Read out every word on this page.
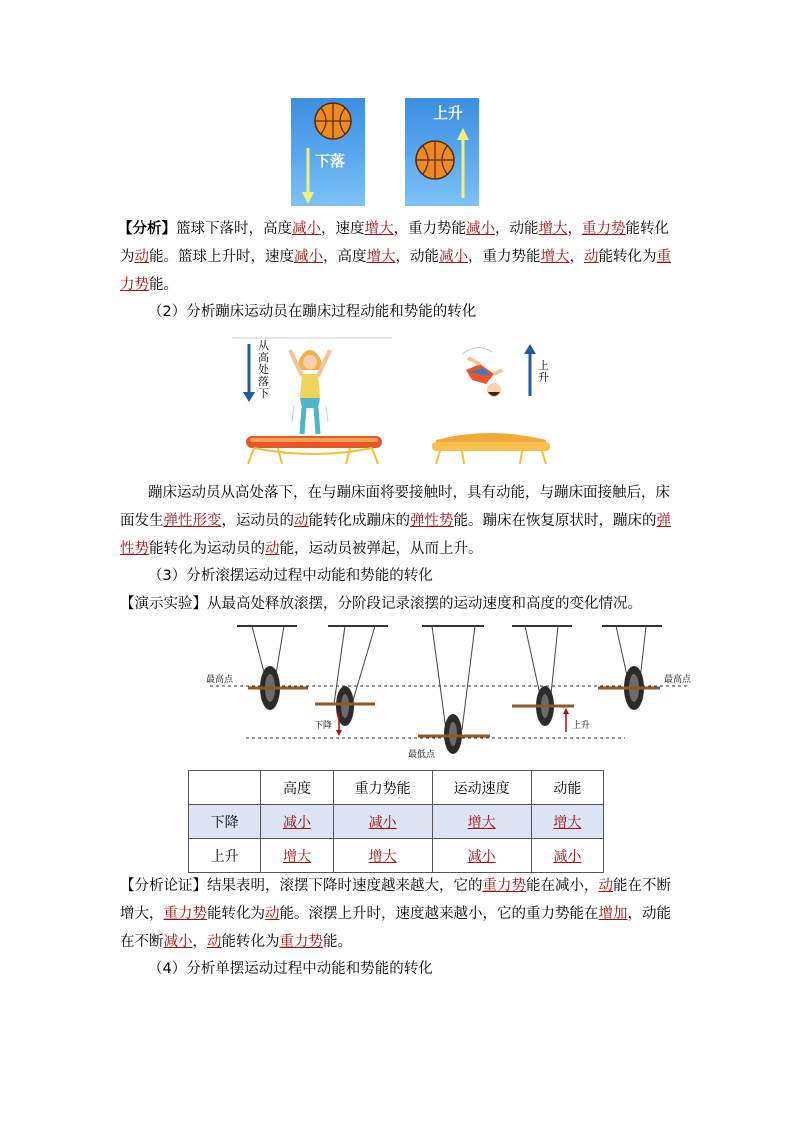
下落
上升
【分析】篮球下落时，高度减小，速度增大，重力势能减小，动能增大，重力势能转化为动能。篮球上升时，速度减小，高度增大，动能减小，重力势能增大，动能转化为重力势能。
（2）分析蹦床运动员在蹦床过程动能和势能的转化
从高处落下
上升
蹦床运动员从高处落下，在与蹦床面将要接触时，具有动能，与蹦床面接触后，床面发生弹性形变，运动员的动能转化成蹦床的弹性势能。蹦床在恢复原状时，蹦床的弹性势能转化为运动员的动能，运动员被弹起，从而上升。
（3）分析滚摆运动过程中动能和势能的转化
【演示实验】从最高处释放滚摆，分阶段记录滚摆的运动速度和高度的变化情况。
最高点	最高点
下降	上升
最低点
	高度	重力势能	运动速度	动能
下降	减小	减小	增大	增大
上升	增大	增大	减小	减小
【分析论证】结果表明，滚摆下降时速度越来越大，它的重力势能在减小，动能在不断增大，重力势能转化为动能。滚摆上升时，速度越来越小，它的重力势能在增加，动能在不断减小，动能转化为重力势能。
（4）分析单摆运动过程中动能和势能的转化
